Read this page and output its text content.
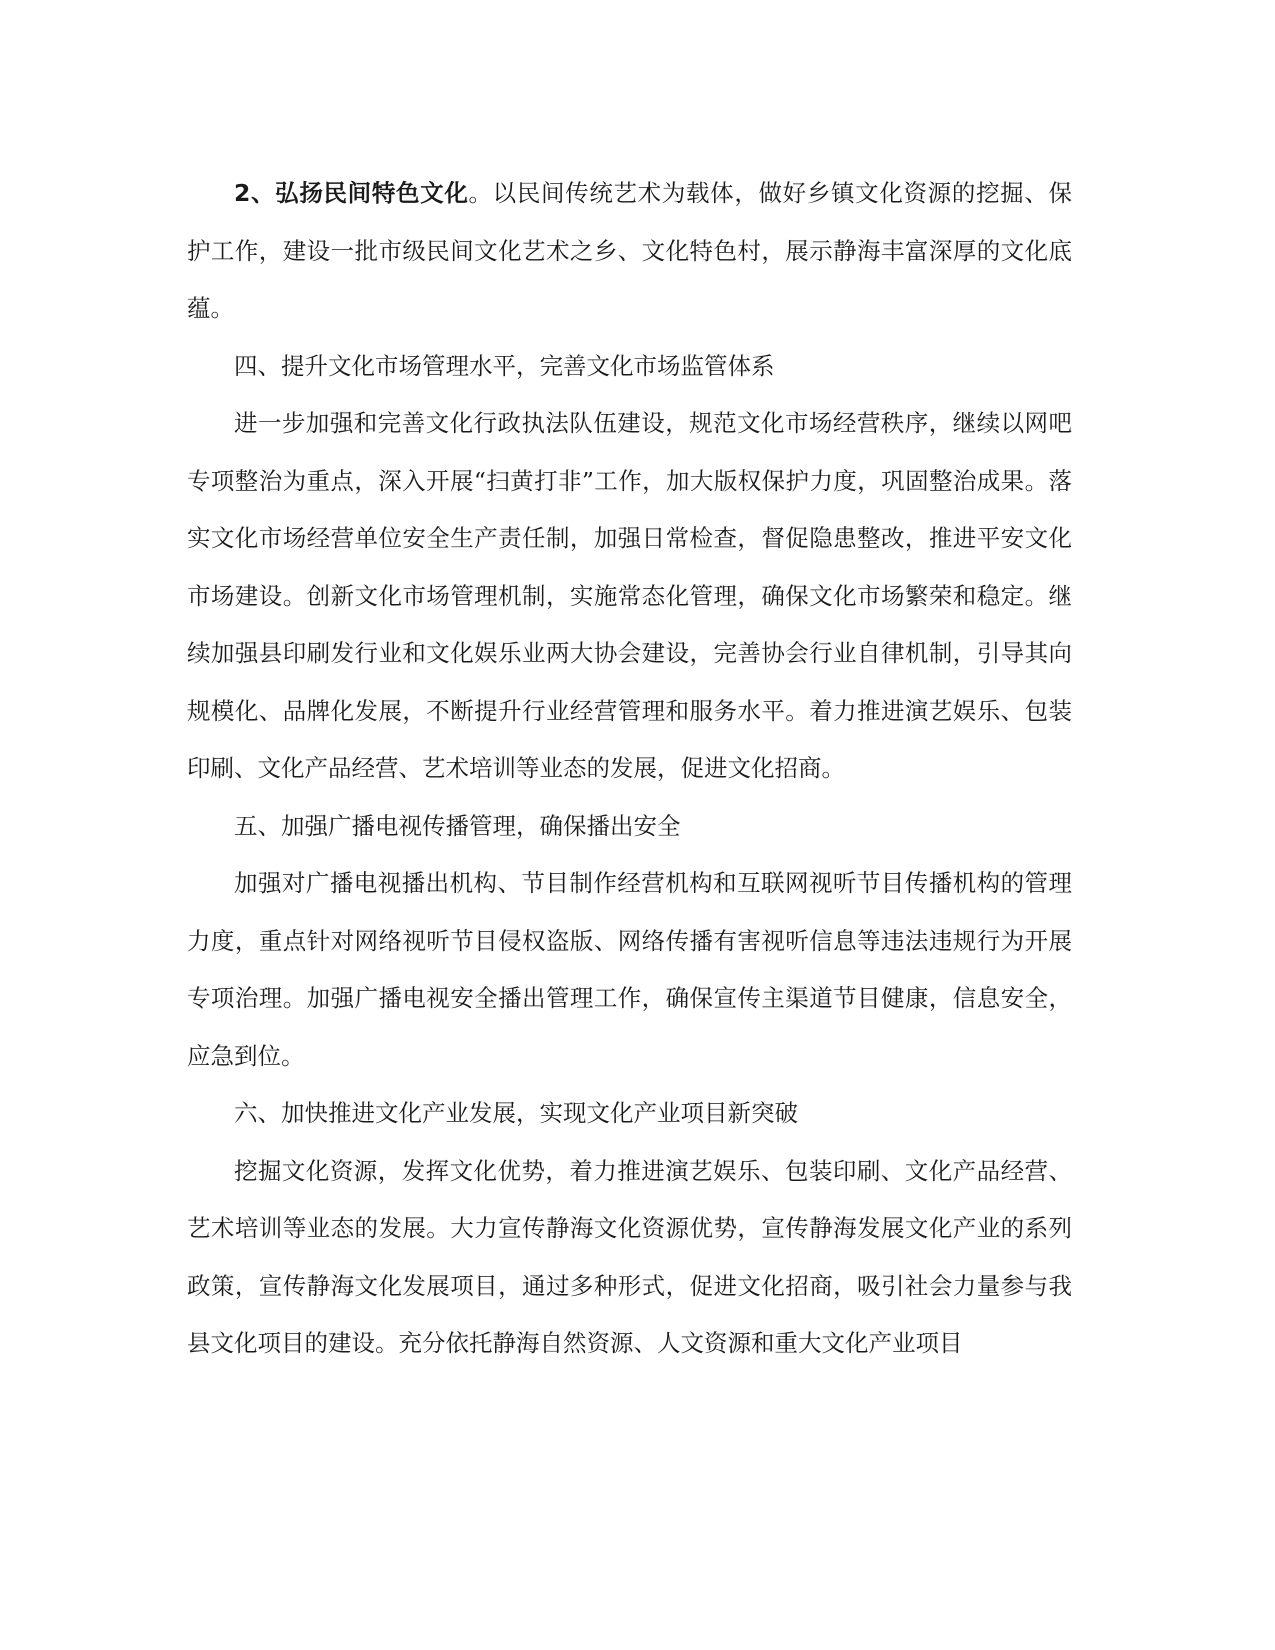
2、弘扬民间特色文化。以民间传统艺术为载体，做好乡镇文化资源的挖掘、保护工作，建设一批市级民间文化艺术之乡、文化特色村，展示静海丰富深厚的文化底蕴。

四、提升文化市场管理水平，完善文化市场监管体系

进一步加强和完善文化行政执法队伍建设，规范文化市场经营秩序，继续以网吧专项整治为重点，深入开展“扫黄打非”工作，加大版权保护力度，巩固整治成果。落实文化市场经营单位安全生产责任制，加强日常检查，督促隐患整改，推进平安文化市场建设。创新文化市场管理机制，实施常态化管理，确保文化市场繁荣和稳定。继续加强县印刷发行业和文化娱乐业两大协会建设，完善协会行业自律机制，引导其向规模化、品牌化发展，不断提升行业经营管理和服务水平。着力推进演艺娱乐、包装印刷、文化产品经营、艺术培训等业态的发展，促进文化招商。

五、加强广播电视传播管理，确保播出安全

加强对广播电视播出机构、节目制作经营机构和互联网视听节目传播机构的管理力度，重点针对网络视听节目侵权盗版、网络传播有害视听信息等违法违规行为开展专项治理。加强广播电视安全播出管理工作，确保宣传主渠道节目健康，信息安全，应急到位。

六、加快推进文化产业发展，实现文化产业项目新突破

挖掘文化资源，发挥文化优势，着力推进演艺娱乐、包装印刷、文化产品经营、艺术培训等业态的发展。大力宣传静海文化资源优势，宣传静海发展文化产业的系列政策，宣传静海文化发展项目，通过多种形式，促进文化招商，吸引社会力量参与我县文化项目的建设。充分依托静海自然资源、人文资源和重大文化产业项目
